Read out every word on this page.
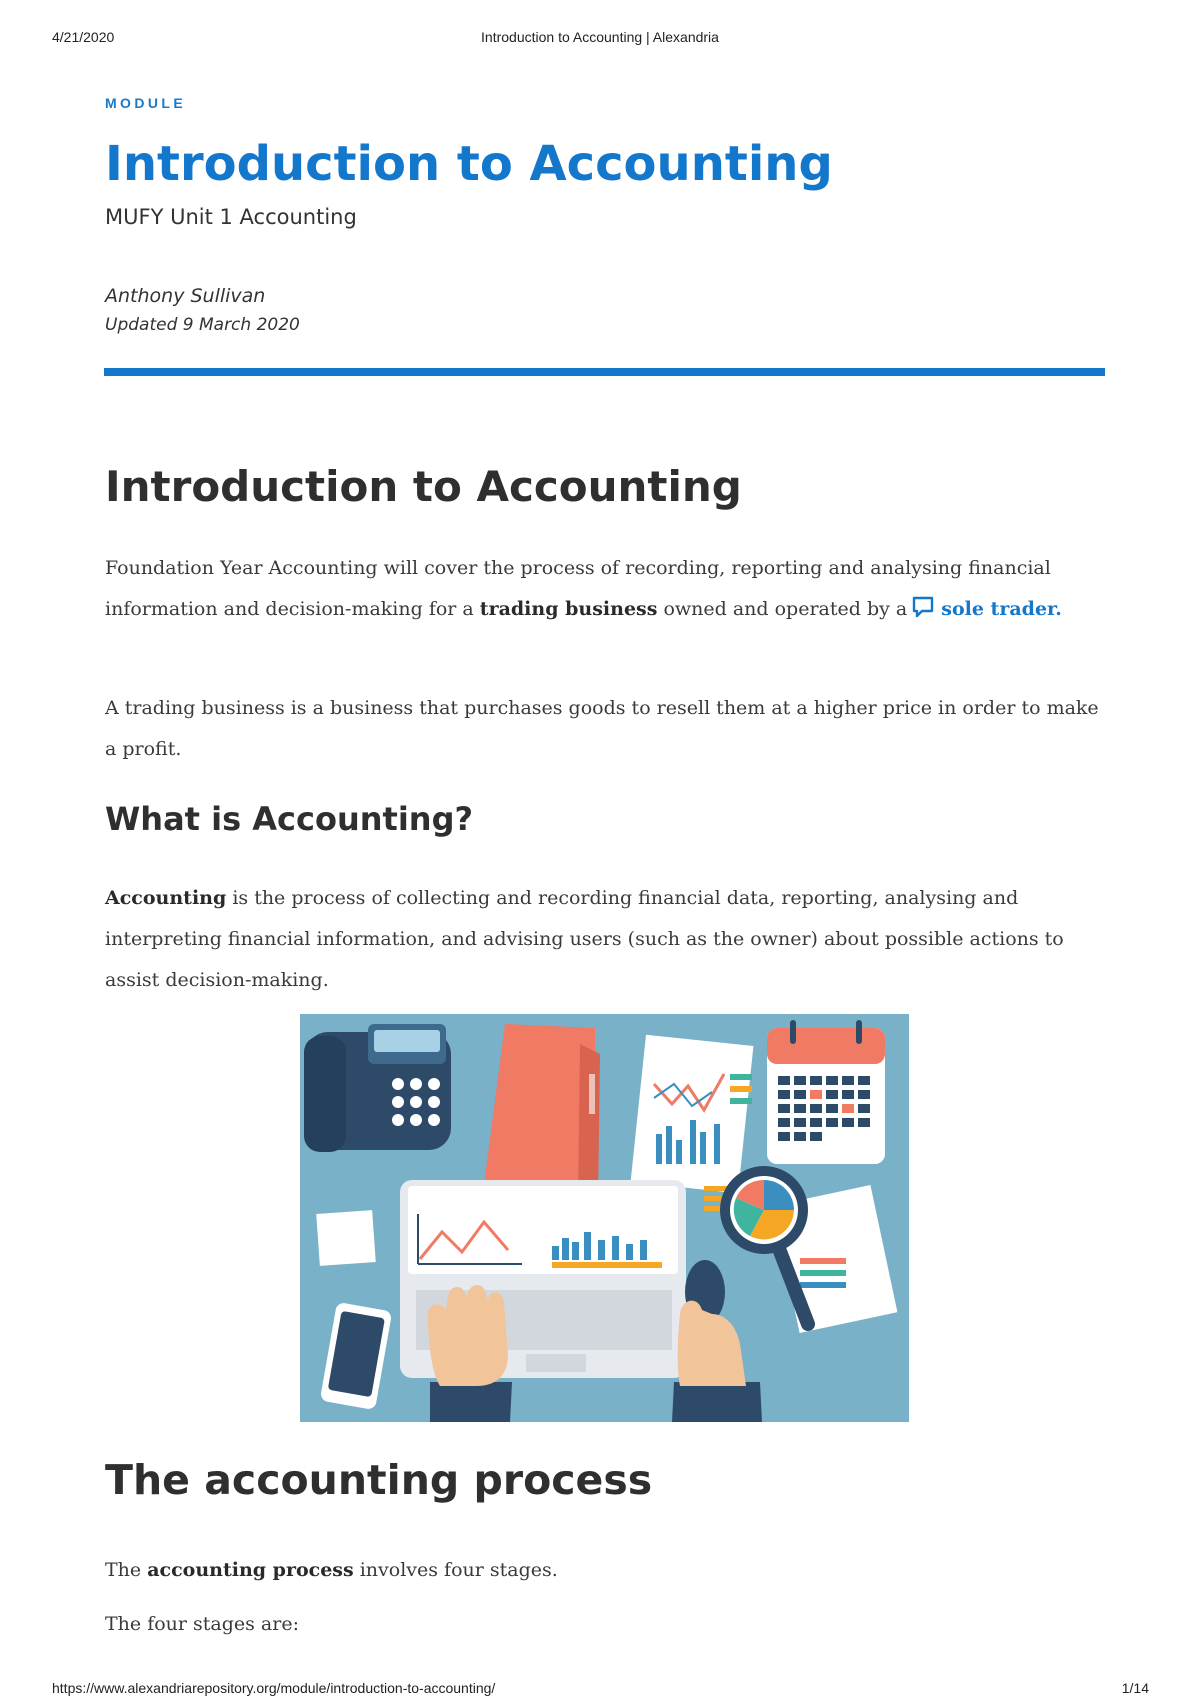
4/21/2020	Introduction to Accounting | Alexandria
MODULE
Introduction to Accounting
MUFY Unit 1 Accounting
Anthony Sullivan
Updated 9 March 2020
Introduction to Accounting

Foundation Year Accounting will cover the process of recording, reporting and analysing financial information and decision-making for a trading business owned and operated by a sole trader.

A trading business is a business that purchases goods to resell them at a higher price in order to make a profit.

What is Accounting?

Accounting is the process of collecting and recording financial data, reporting, analysing and interpreting financial information, and advising users (such as the owner) about possible actions to assist decision-making.

The accounting process

The accounting process involves four stages.

The four stages are:

https://www.alexandriarepository.org/module/introduction-to-accounting/	1/14
